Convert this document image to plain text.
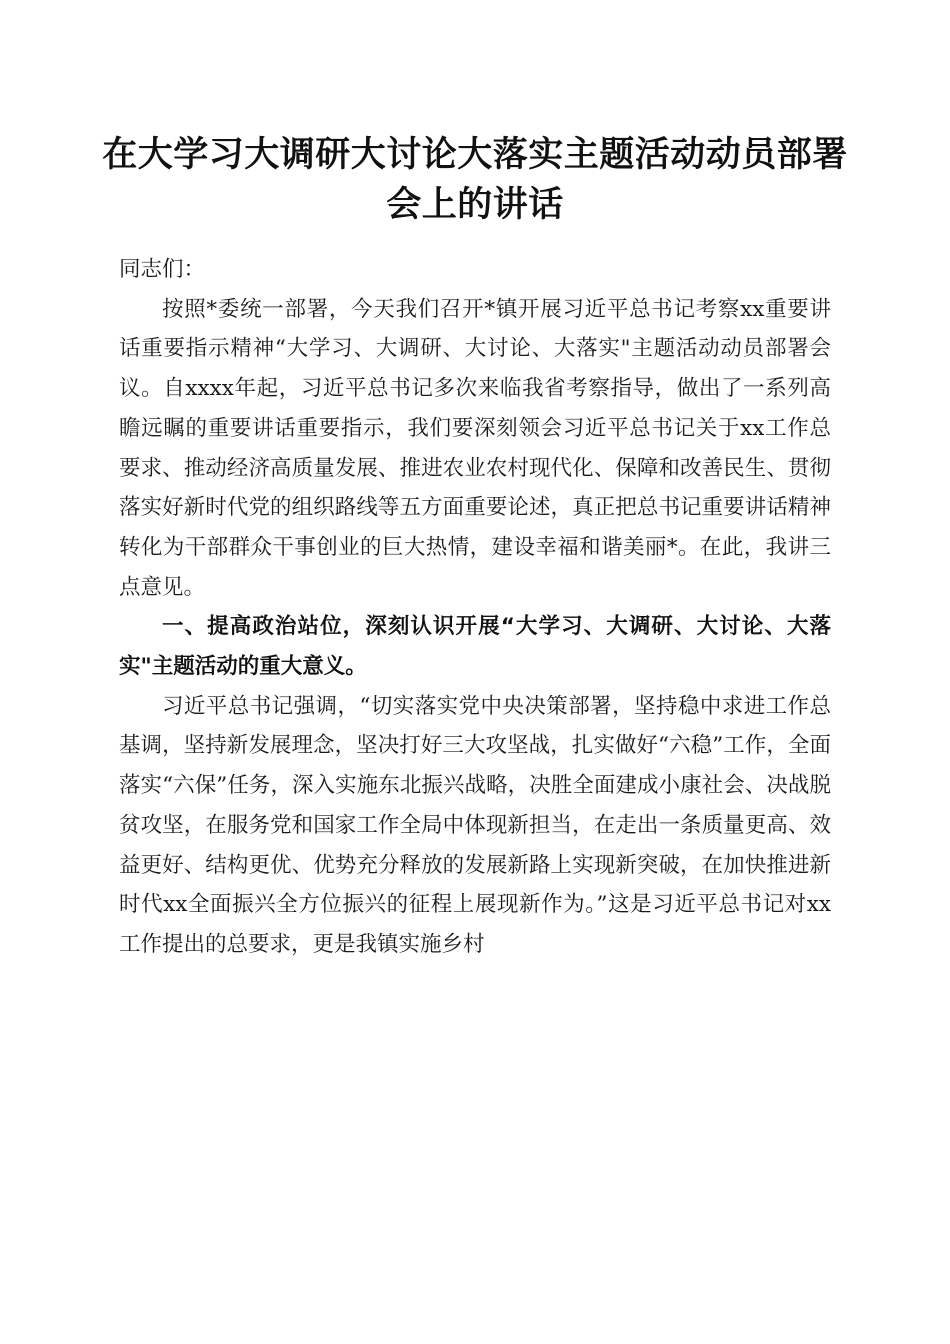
在大学习大调研大讨论大落实主题活动动员部署会上的讲话

同志们：

按照*委统一部署，今天我们召开*镇开展习近平总书记考察xx重要讲话重要指示精神“大学习、大调研、大讨论、大落实"主题活动动员部署会议。自xxxx年起，习近平总书记多次来临我省考察指导，做出了一系列高瞻远瞩的重要讲话重要指示，我们要深刻领会习近平总书记关于xx工作总要求、推动经济高质量发展、推进农业农村现代化、保障和改善民生、贯彻落实好新时代党的组织路线等五方面重要论述，真正把总书记重要讲话精神转化为干部群众干事创业的巨大热情，建设幸福和谐美丽*。在此，我讲三点意见。

一、提高政治站位，深刻认识开展“大学习、大调研、大讨论、大落实"主题活动的重大意义。

习近平总书记强调，“切实落实党中央决策部署，坚持稳中求进工作总基调，坚持新发展理念，坚决打好三大攻坚战，扎实做好“六稳”工作，全面落实“六保”任务，深入实施东北振兴战略，决胜全面建成小康社会、决战脱贫攻坚，在服务党和国家工作全局中体现新担当，在走出一条质量更高、效益更好、结构更优、优势充分释放的发展新路上实现新突破，在加快推进新时代xx全面振兴全方位振兴的征程上展现新作为。”这是习近平总书记对xx工作提出的总要求，更是我镇实施乡村
